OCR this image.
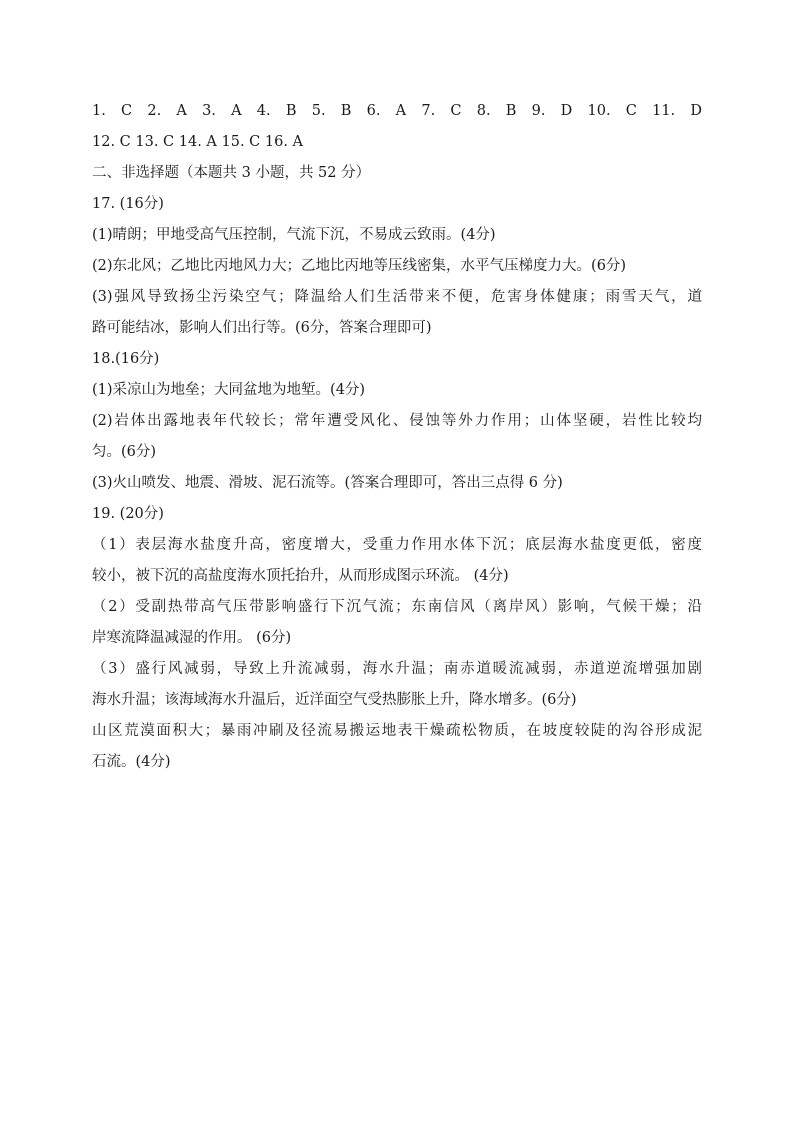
1. C 2. A 3. A 4. B 5. B 6. A 7. C 8. B 9. D 10. C 11. D
12. C 13. C 14. A 15. C 16. A
二、非选择题（本题共 3 小题，共 52 分）
17. (16分)
(1)晴朗；甲地受高气压控制，气流下沉，不易成云致雨。(4分)
(2)东北风；乙地比丙地风力大；乙地比丙地等压线密集，水平气压梯度力大。(6分)
(3)强风导致扬尘污染空气；降温给人们生活带来不便，危害身体健康；雨雪天气，道
路可能结冰，影响人们出行等。(6分，答案合理即可)
18.(16分)
(1)采凉山为地垒；大同盆地为地堑。(4分)
(2)岩体出露地表年代较长；常年遭受风化、侵蚀等外力作用；山体坚硬，岩性比较均
匀。(6分)
(3)火山喷发、地震、滑坡、泥石流等。(答案合理即可，答出三点得 6 分)
19. (20分)
（1）表层海水盐度升高，密度增大，受重力作用水体下沉；底层海水盐度更低，密度
较小，被下沉的高盐度海水顶托抬升，从而形成图示环流。 (4分)
（2）受副热带高气压带影响盛行下沉气流；东南信风（离岸风）影响，气候干燥；沿
岸寒流降温减湿的作用。 (6分)
（3）盛行风减弱，导致上升流减弱，海水升温；南赤道暖流减弱，赤道逆流增强加剧
海水升温；该海域海水升温后，近洋面空气受热膨胀上升，降水增多。(6分)
山区荒漠面积大；暴雨冲刷及径流易搬运地表干燥疏松物质，在坡度较陡的沟谷形成泥
石流。(4分)
